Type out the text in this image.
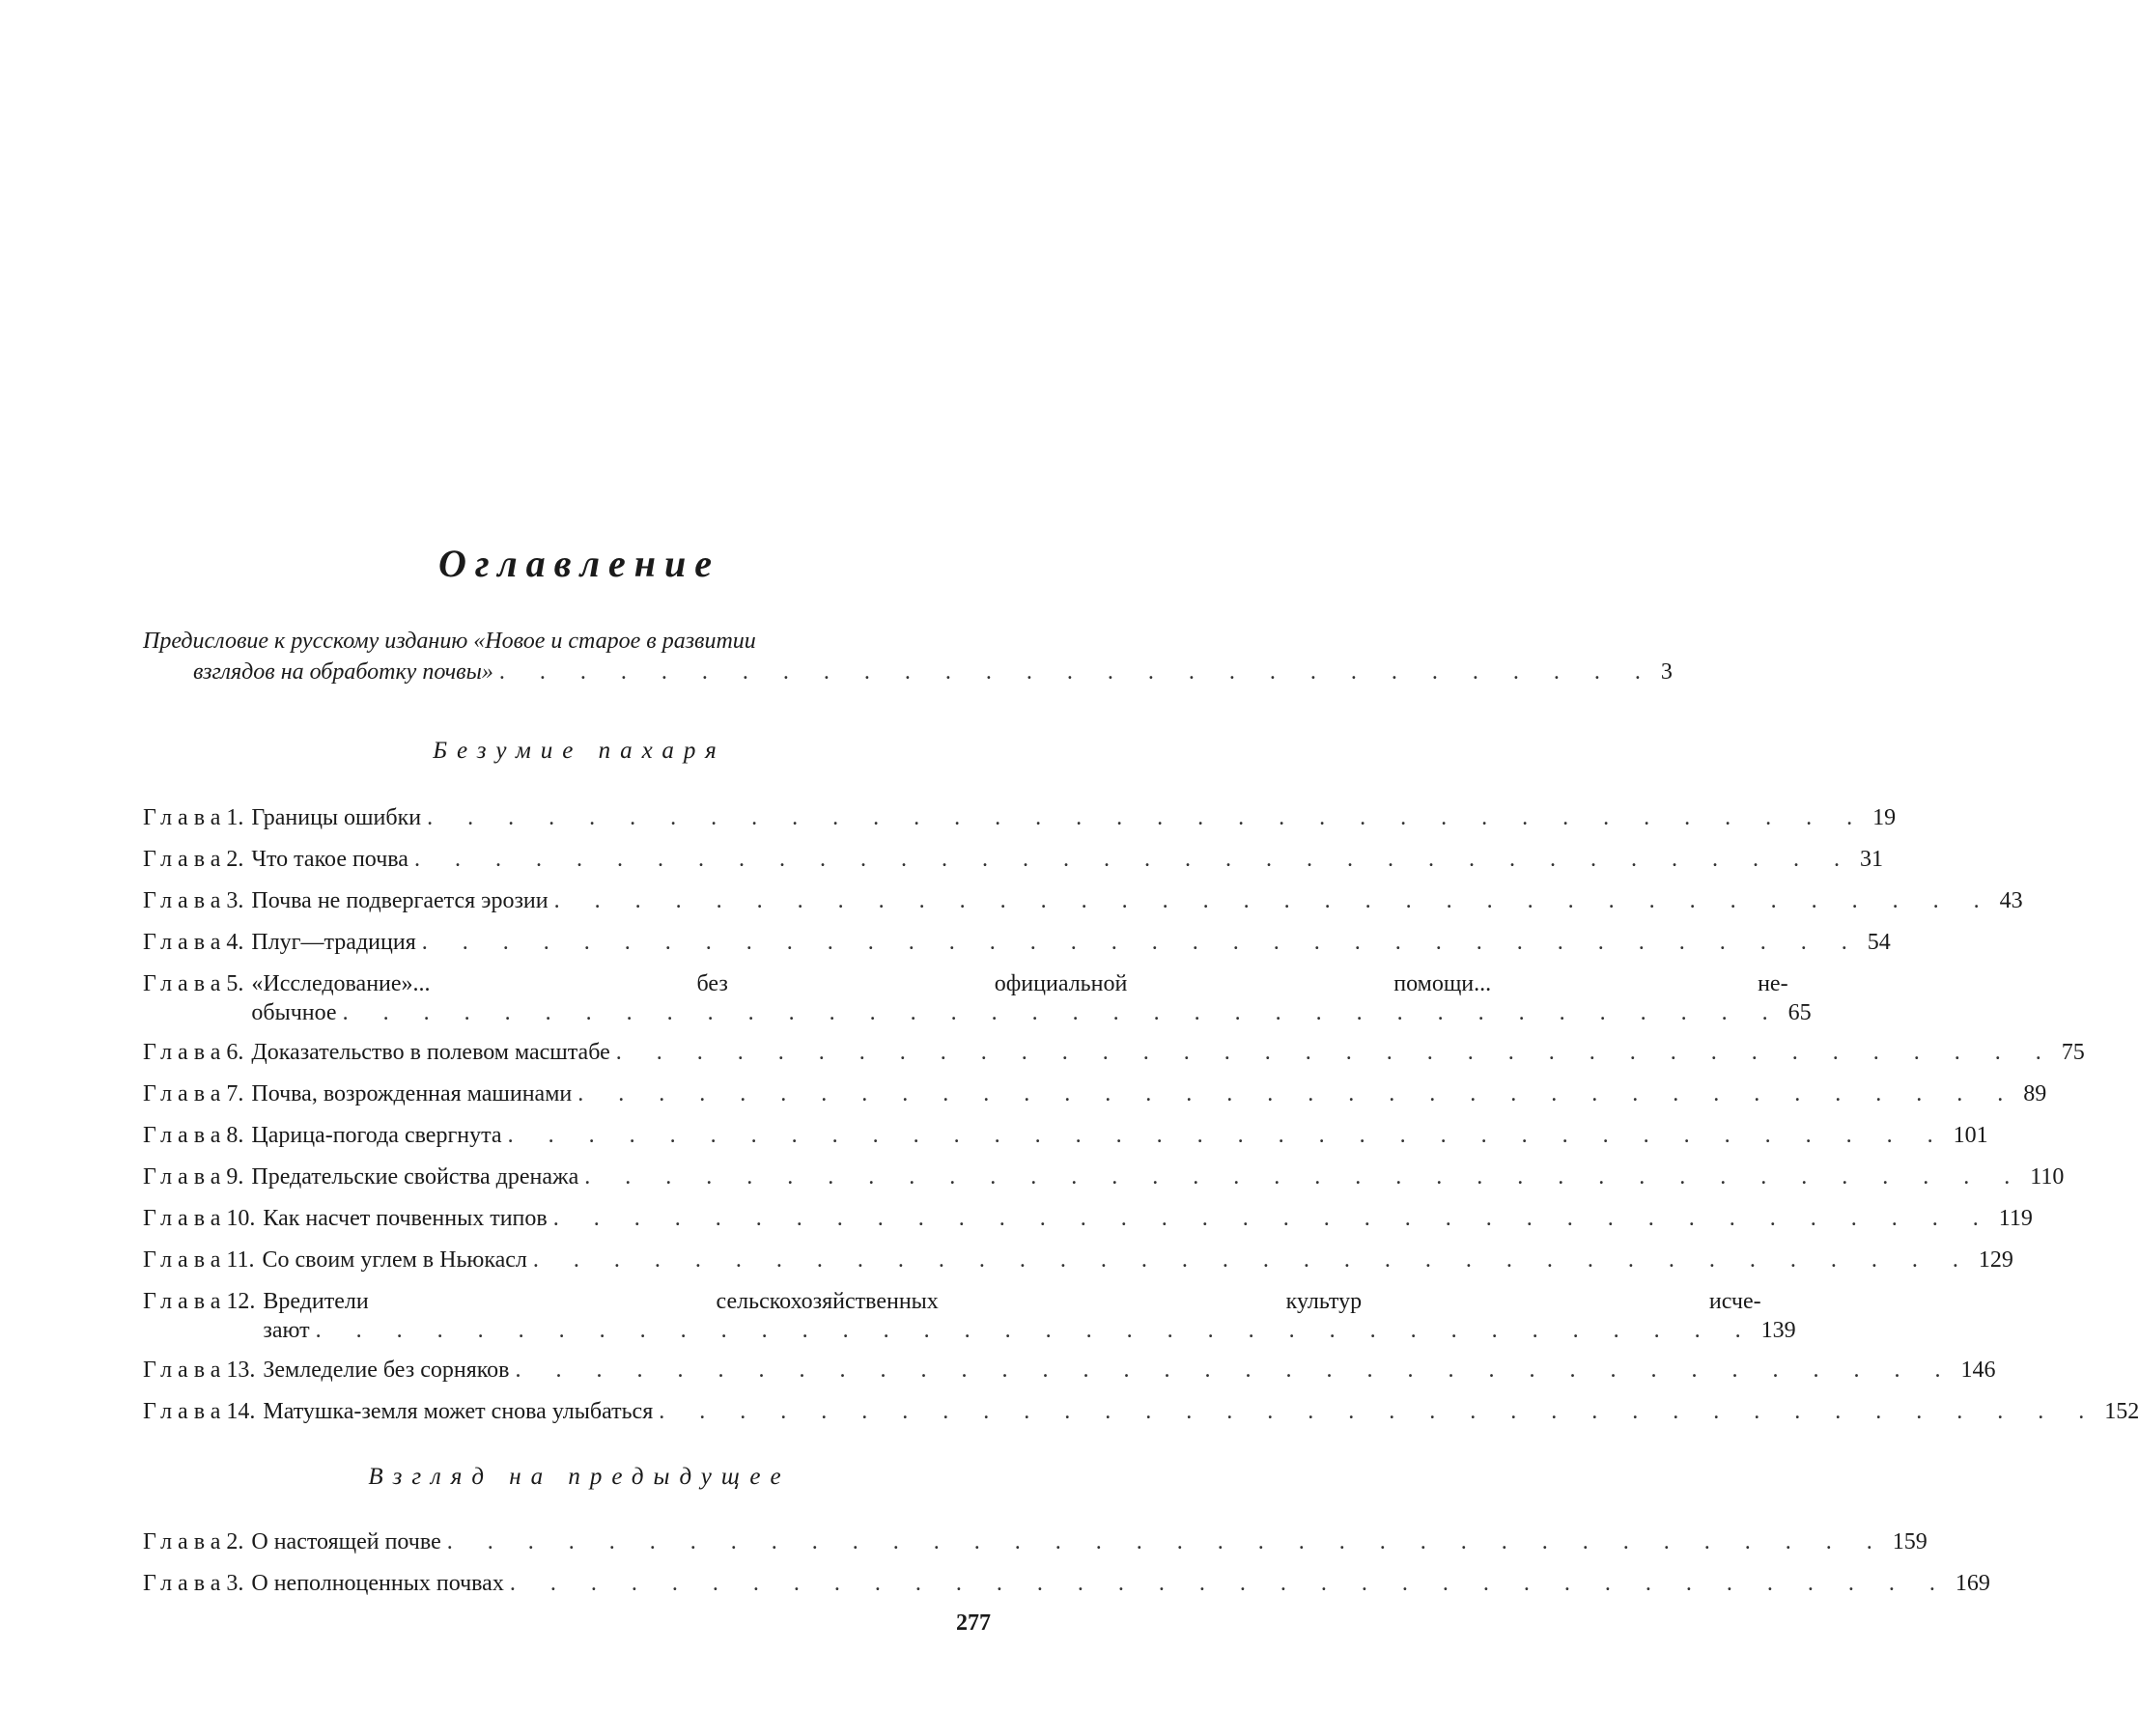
Оглавление
Предисловие к русскому изданию «Новое и старое в развитии
взглядов на обработку почвы» . . . . . . . . . . . . . . . . . . . . . . . . . . . . . 3
Безумие пахаря
Глава 1. Границы ошибки . . . . . . . . . . . . . . . . . . . . . . . . . . . . . . . . . . . . 19
Глава 2. Что такое почва . . . . . . . . . . . . . . . . . . . . . . . . . . . . . . . . . . . . 31
Глава 3. Почва не подвергается эрозии . . . . . . . . . . . . . . . . . . . . . . . . . . . . . . . . . . . . 43
Глава 4. Плуг—традиция . . . . . . . . . . . . . . . . . . . . . . . . . . . . . . . . . . . . 54
Глава 5. «Исследование»... без официальной помощи... не-
обычное . . . . . . . . . . . . . . . . . . . . . . . . . . . . . . . . . . . . 65
Глава 6. Доказательство в полевом масштабе . . . . . . . . . . . . . . . . . . . . . . . . . . . . . . . . . . . . 75
Глава 7. Почва, возрожденная машинами . . . . . . . . . . . . . . . . . . . . . . . . . . . . . . . . . . . . 89
Глава 8. Царица-погода свергнута . . . . . . . . . . . . . . . . . . . . . . . . . . . . . . . . . . . . 101
Глава 9. Предательские свойства дренажа . . . . . . . . . . . . . . . . . . . . . . . . . . . . . . . . . . . . 110
Глава 10. Как насчет почвенных типов . . . . . . . . . . . . . . . . . . . . . . . . . . . . . . . . . . . . 119
Глава 11. Со своим углем в Ньюкасл . . . . . . . . . . . . . . . . . . . . . . . . . . . . . . . . . . . . 129
Глава 12. Вредители сельскохозяйственных культур исче-
зают . . . . . . . . . . . . . . . . . . . . . . . . . . . . . . . . . . . . 139
Глава 13. Земледелие без сорняков . . . . . . . . . . . . . . . . . . . . . . . . . . . . . . . . . . . . 146
Глава 14. Матушка-земля может снова улыбаться . . . . . . . . . . . . . . . . . . . . . . . . . . . . . . . . . . . . 152
Взгляд на предыдущее
Глава 2. О настоящей почве . . . . . . . . . . . . . . . . . . . . . . . . . . . . . . . . . . . . 159
Глава 3. О неполноценных почвах . . . . . . . . . . . . . . . . . . . . . . . . . . . . . . . . . . . . 169
277
